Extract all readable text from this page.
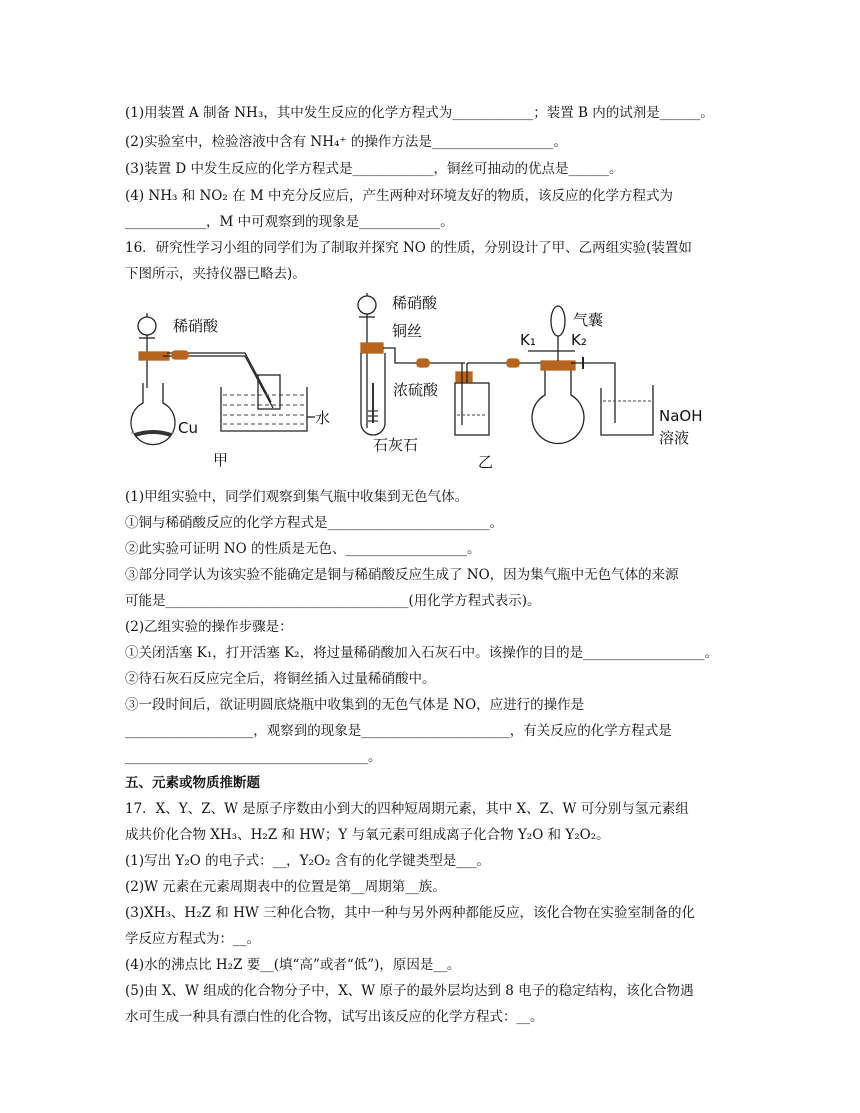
(1)用装置 A 制备 NH₃，其中发生反应的化学方程式为____________；装置 B 内的试剂是______。
(2)实验室中，检验溶液中含有 NH₄⁺ 的操作方法是__________________。
(3)装置 D 中发生反应的化学方程式是____________，铜丝可抽动的优点是______。
(4) NH₃ 和 NO₂ 在 M 中充分反应后，产生两种对环境友好的物质，该反应的化学方程式为
____________，M 中可观察到的现象是____________。
16．研究性学习小组的同学们为了制取并探究 NO 的性质，分别设计了甲、乙两组实验(装置如
下图所示，夹持仪器已略去)。
稀硝酸
Cu
水
甲
稀硝酸
铜丝
浓硫酸
石灰石
乙
气囊
K₁ K₂
NaOH
溶液
(1)甲组实验中，同学们观察到集气瓶中收集到无色气体。
①铜与稀硝酸反应的化学方程式是________________________。
②此实验可证明 NO 的性质是无色、__________________。
③部分同学认为该实验不能确定是铜与稀硝酸反应生成了 NO，因为集气瓶中无色气体的来源
可能是____________________________________(用化学方程式表示)。
(2)乙组实验的操作步骤是：
①关闭活塞 K₁，打开活塞 K₂，将过量稀硝酸加入石灰石中。该操作的目的是__________________。
②待石灰石反应完全后，将铜丝插入过量稀硝酸中。
③一段时间后，欲证明圆底烧瓶中收集到的无色气体是 NO，应进行的操作是
___________________，观察到的现象是______________________，有关反应的化学方程式是
____________________________________。
五、元素或物质推断题
17．X、Y、Z、W 是原子序数由小到大的四种短周期元素，其中 X、Z、W 可分别与氢元素组
成共价化合物 XH₃、H₂Z 和 HW；Y 与氧元素可组成离子化合物 Y₂O 和 Y₂O₂。
(1)写出 Y₂O 的电子式：__，Y₂O₂ 含有的化学键类型是___。
(2)W 元素在元素周期表中的位置是第__周期第__族。
(3)XH₃、H₂Z 和 HW 三种化合物，其中一种与另外两种都能反应，该化合物在实验室制备的化
学反应方程式为：__。
(4)水的沸点比 H₂Z 要__(填“高”或者“低”)，原因是__。
(5)由 X、W 组成的化合物分子中，X、W 原子的最外层均达到 8 电子的稳定结构，该化合物遇
水可生成一种具有漂白性的化合物，试写出该反应的化学方程式：__。
